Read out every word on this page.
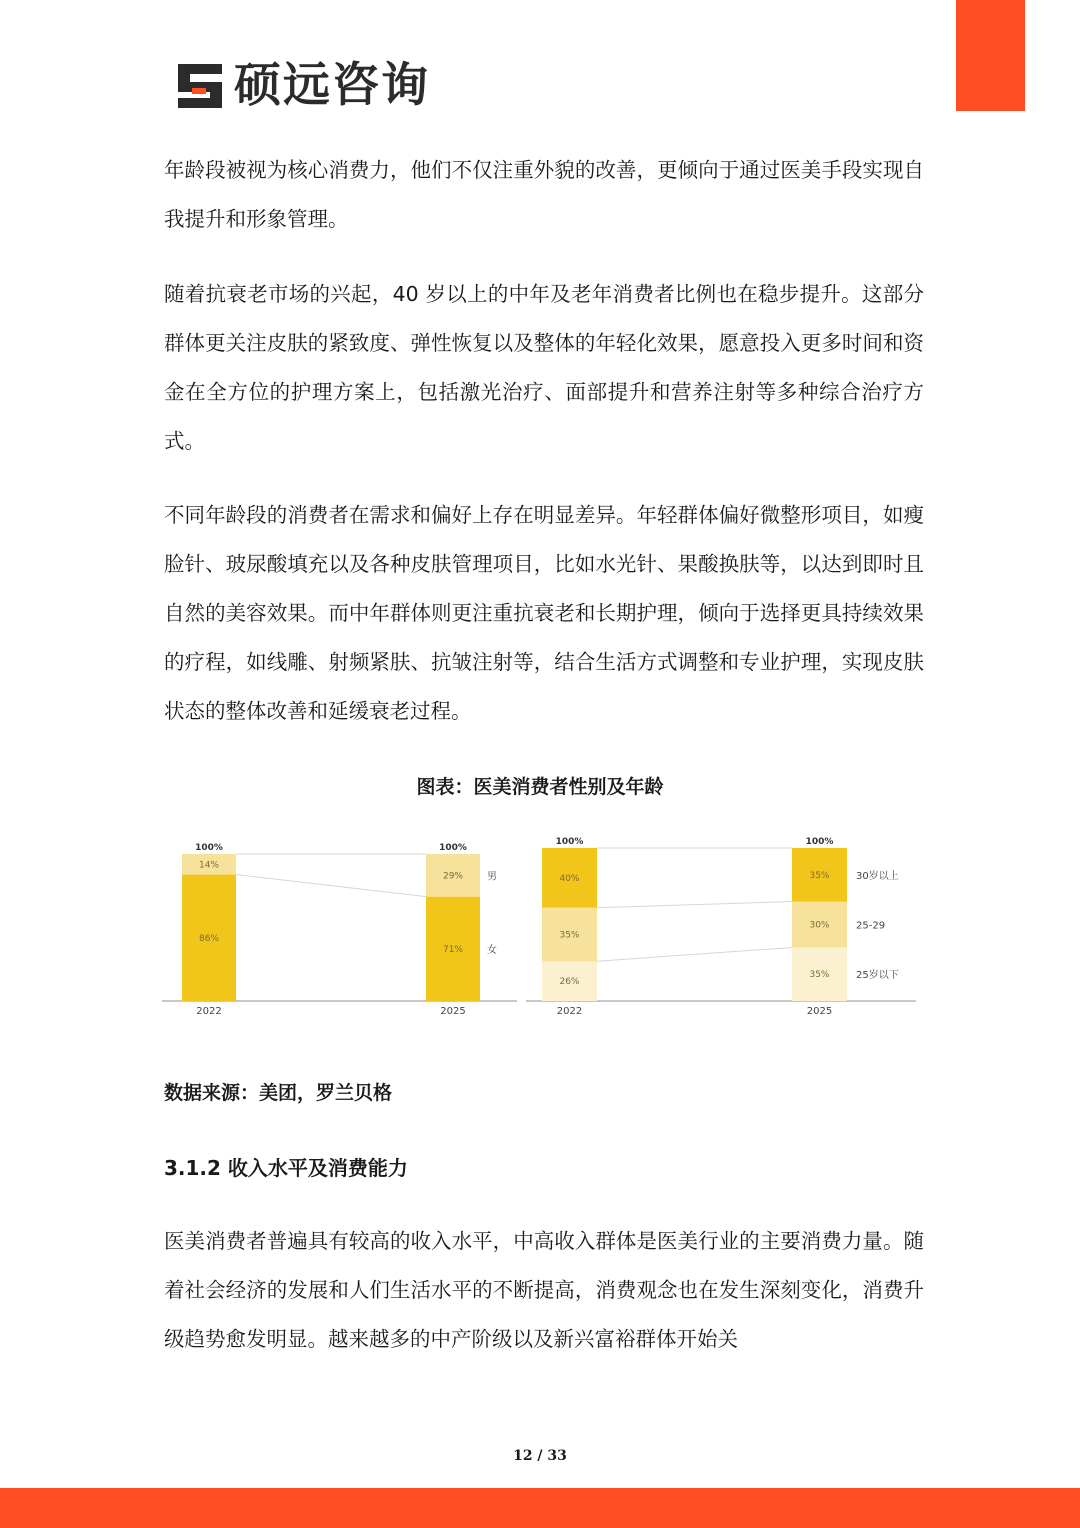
硕远咨询

年龄段被视为核心消费力，他们不仅注重外貌的改善，更倾向于通过医美手段实现自我提升和形象管理。

随着抗衰老市场的兴起，40 岁以上的中年及老年消费者比例也在稳步提升。这部分群体更关注皮肤的紧致度、弹性恢复以及整体的年轻化效果，愿意投入更多时间和资金在全方位的护理方案上，包括激光治疗、面部提升和营养注射等多种综合治疗方式。

不同年龄段的消费者在需求和偏好上存在明显差异。年轻群体偏好微整形项目，如瘦脸针、玻尿酸填充以及各种皮肤管理项目，比如水光针、果酸换肤等，以达到即时且自然的美容效果。而中年群体则更注重抗衰老和长期护理，倾向于选择更具持续效果的疗程，如线雕、射频紧肤、抗皱注射等，结合生活方式调整和专业护理，实现皮肤状态的整体改善和延缓衰老过程。

图表：医美消费者性别及年龄
86%
14%
100%
2022
71%
29%
100%
2025
女
男
26%
35%
40%
100%
2022
35%
30%
35%
100%
2025
25岁以下
25-29
30岁以上
数据来源：美团，罗兰贝格
3.1.2 收入水平及消费能力

医美消费者普遍具有较高的收入水平，中高收入群体是医美行业的主要消费力量。随着社会经济的发展和人们生活水平的不断提高，消费观念也在发生深刻变化，消费升级趋势愈发明显。越来越多的中产阶级以及新兴富裕群体开始关

12 / 33
